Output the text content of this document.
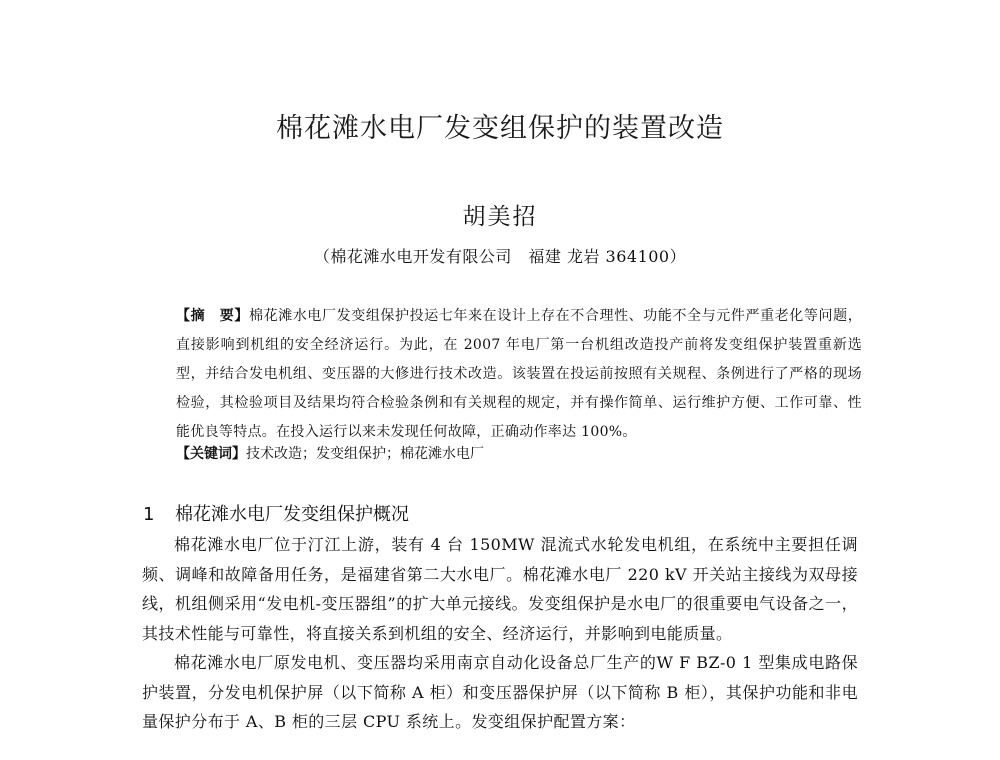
棉花滩水电厂发变组保护的装置改造
胡美招
（棉花滩水电开发有限公司　福建 龙岩 364100）
【摘　要】棉花滩水电厂发变组保护投运七年来在设计上存在不合理性、功能不全与元件严重老化等问题，直接影响到机组的安全经济运行。为此，在 2007 年电厂第一台机组改造投产前将发变组保护装置重新选型，并结合发电机组、变压器的大修进行技术改造。该装置在投运前按照有关规程、条例进行了严格的现场检验，其检验项目及结果均符合检验条例和有关规程的规定，并有操作简单、运行维护方便、工作可靠、性能优良等特点。在投入运行以来未发现任何故障，正确动作率达 100%。
【关键词】技术改造；发变组保护；棉花滩水电厂
1 棉花滩水电厂发变组保护概况

棉花滩水电厂位于汀江上游，装有 4 台 150MW 混流式水轮发电机组，在系统中主要担任调频、调峰和故障备用任务，是福建省第二大水电厂。棉花滩水电厂 220 kV 开关站主接线为双母接线，机组侧采用“发电机-变压器组”的扩大单元接线。发变组保护是水电厂的很重要电气设备之一，其技术性能与可靠性，将直接关系到机组的安全、经济运行，并影响到电能质量。

棉花滩水电厂原发电机、变压器均采用南京自动化设备总厂生产的W F BZ-0 1 型集成电路保护装置，分发电机保护屏（以下简称 A 柜）和变压器保护屏（以下简称 B 柜），其保护功能和非电量保护分布于 A、B 柜的三层 CPU 系统上。发变组保护配置方案：
